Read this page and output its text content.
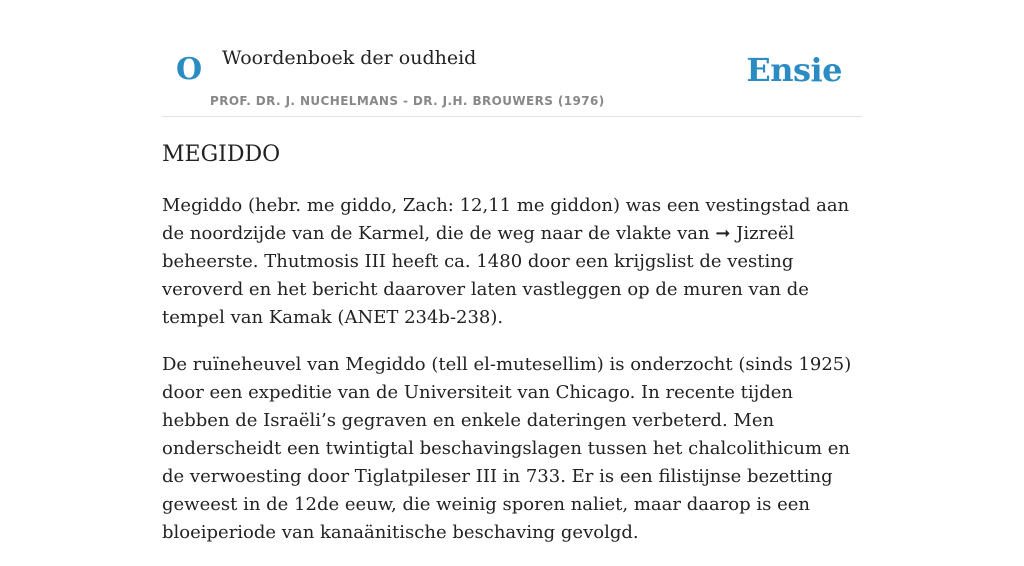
O Woordenboek der oudheid
PROF. DR. J. NUCHELMANS - DR. J.H. BROUWERS (1976)
Ensie
MEGIDDO

Megiddo (hebr. me giddo, Zach: 12,11 me giddon) was een vestingstad aan de noordzijde van de Karmel, die de weg naar de vlakte van ➞ Jizreël beheerste. Thutmosis III heeft ca. 1480 door een krijgslist de vesting veroverd en het bericht daarover laten vastleggen op de muren van de tempel van Kamak (ANET 234b-238).

De ruïneheuvel van Megiddo (tell el-mutesellim) is onderzocht (sinds 1925) door een expeditie van de Universiteit van Chicago. In recente tijden hebben de Israëli’s gegraven en enkele dateringen verbeterd. Men onderscheidt een twintigtal beschavingslagen tussen het chalcolithicum en de verwoesting door Tiglatpileser III in 733. Er is een filistijnse bezetting geweest in de 12de eeuw, die weinig sporen naliet, maar daarop is een bloeiperiode van kanaänitische beschaving gevolgd.
